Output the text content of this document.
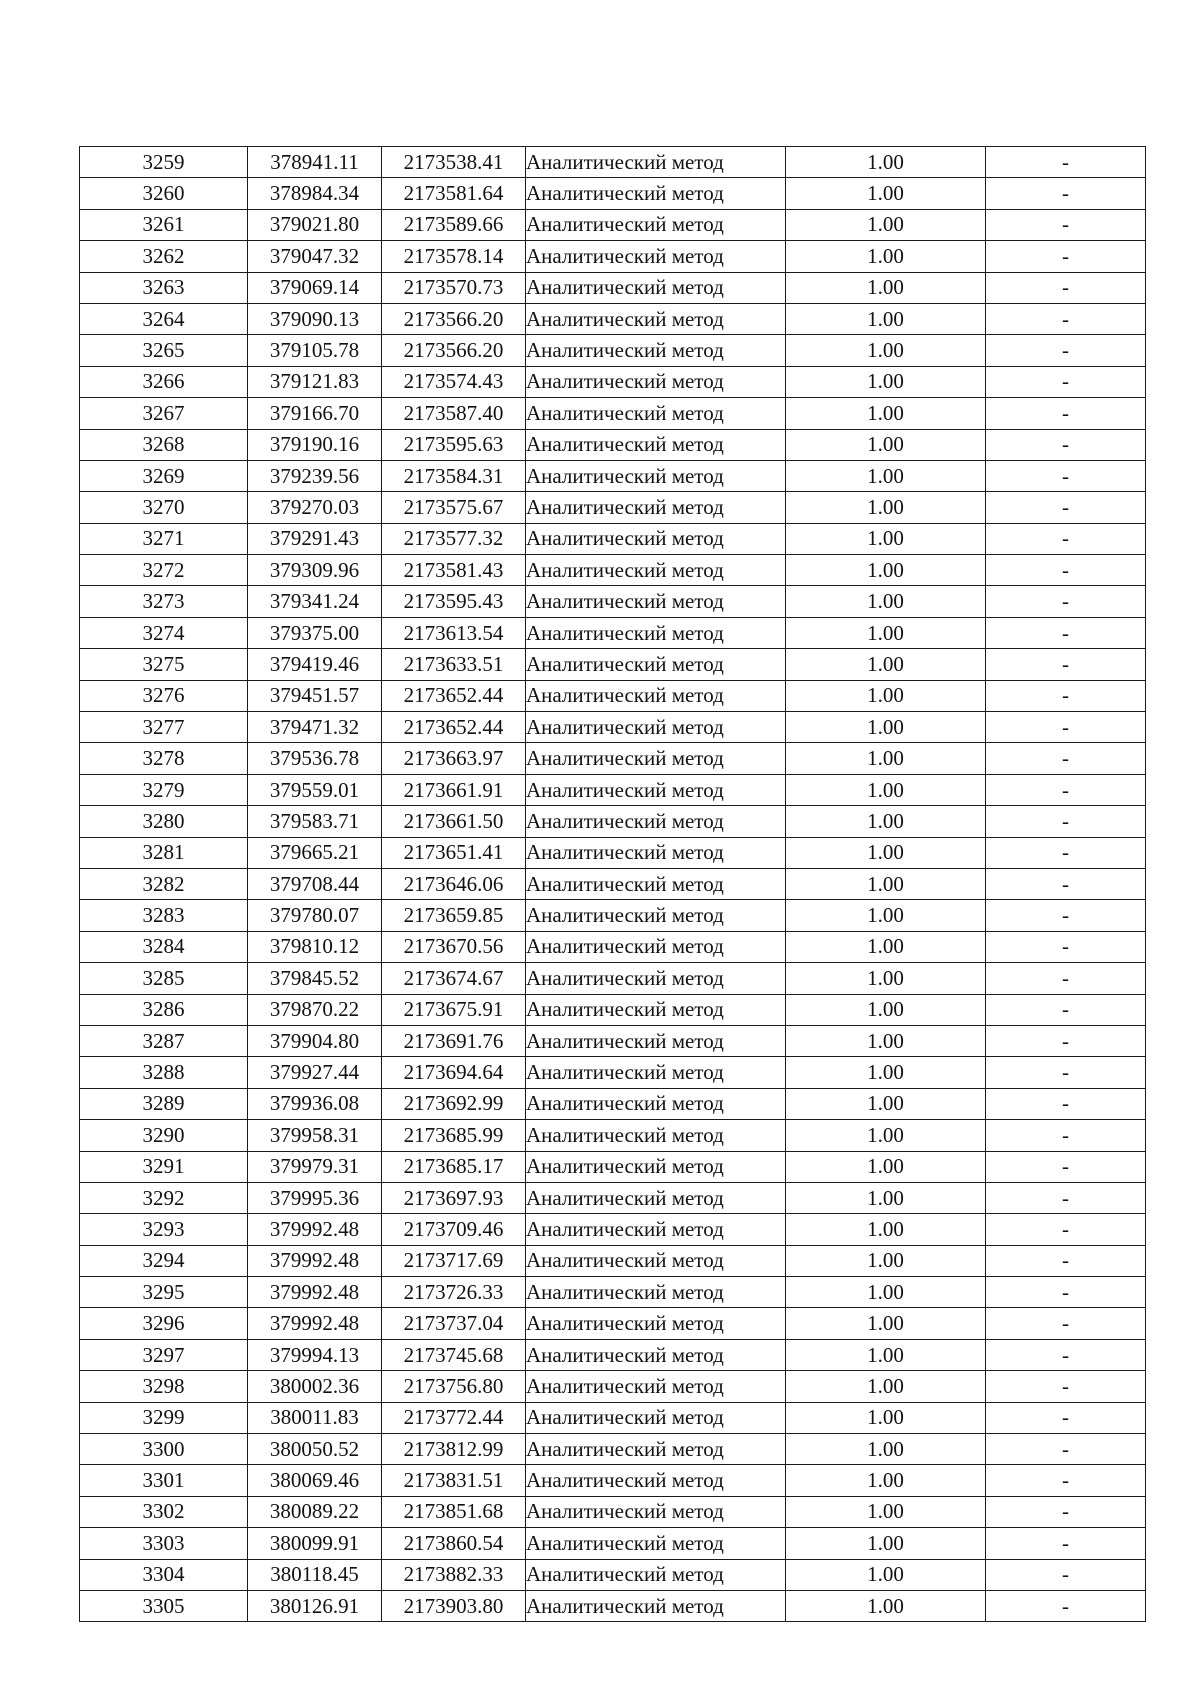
3259	378941.11	2173538.41	Аналитический метод	1.00	-
3260	378984.34	2173581.64	Аналитический метод	1.00	-
3261	379021.80	2173589.66	Аналитический метод	1.00	-
3262	379047.32	2173578.14	Аналитический метод	1.00	-
3263	379069.14	2173570.73	Аналитический метод	1.00	-
3264	379090.13	2173566.20	Аналитический метод	1.00	-
3265	379105.78	2173566.20	Аналитический метод	1.00	-
3266	379121.83	2173574.43	Аналитический метод	1.00	-
3267	379166.70	2173587.40	Аналитический метод	1.00	-
3268	379190.16	2173595.63	Аналитический метод	1.00	-
3269	379239.56	2173584.31	Аналитический метод	1.00	-
3270	379270.03	2173575.67	Аналитический метод	1.00	-
3271	379291.43	2173577.32	Аналитический метод	1.00	-
3272	379309.96	2173581.43	Аналитический метод	1.00	-
3273	379341.24	2173595.43	Аналитический метод	1.00	-
3274	379375.00	2173613.54	Аналитический метод	1.00	-
3275	379419.46	2173633.51	Аналитический метод	1.00	-
3276	379451.57	2173652.44	Аналитический метод	1.00	-
3277	379471.32	2173652.44	Аналитический метод	1.00	-
3278	379536.78	2173663.97	Аналитический метод	1.00	-
3279	379559.01	2173661.91	Аналитический метод	1.00	-
3280	379583.71	2173661.50	Аналитический метод	1.00	-
3281	379665.21	2173651.41	Аналитический метод	1.00	-
3282	379708.44	2173646.06	Аналитический метод	1.00	-
3283	379780.07	2173659.85	Аналитический метод	1.00	-
3284	379810.12	2173670.56	Аналитический метод	1.00	-
3285	379845.52	2173674.67	Аналитический метод	1.00	-
3286	379870.22	2173675.91	Аналитический метод	1.00	-
3287	379904.80	2173691.76	Аналитический метод	1.00	-
3288	379927.44	2173694.64	Аналитический метод	1.00	-
3289	379936.08	2173692.99	Аналитический метод	1.00	-
3290	379958.31	2173685.99	Аналитический метод	1.00	-
3291	379979.31	2173685.17	Аналитический метод	1.00	-
3292	379995.36	2173697.93	Аналитический метод	1.00	-
3293	379992.48	2173709.46	Аналитический метод	1.00	-
3294	379992.48	2173717.69	Аналитический метод	1.00	-
3295	379992.48	2173726.33	Аналитический метод	1.00	-
3296	379992.48	2173737.04	Аналитический метод	1.00	-
3297	379994.13	2173745.68	Аналитический метод	1.00	-
3298	380002.36	2173756.80	Аналитический метод	1.00	-
3299	380011.83	2173772.44	Аналитический метод	1.00	-
3300	380050.52	2173812.99	Аналитический метод	1.00	-
3301	380069.46	2173831.51	Аналитический метод	1.00	-
3302	380089.22	2173851.68	Аналитический метод	1.00	-
3303	380099.91	2173860.54	Аналитический метод	1.00	-
3304	380118.45	2173882.33	Аналитический метод	1.00	-
3305	380126.91	2173903.80	Аналитический метод	1.00	-
